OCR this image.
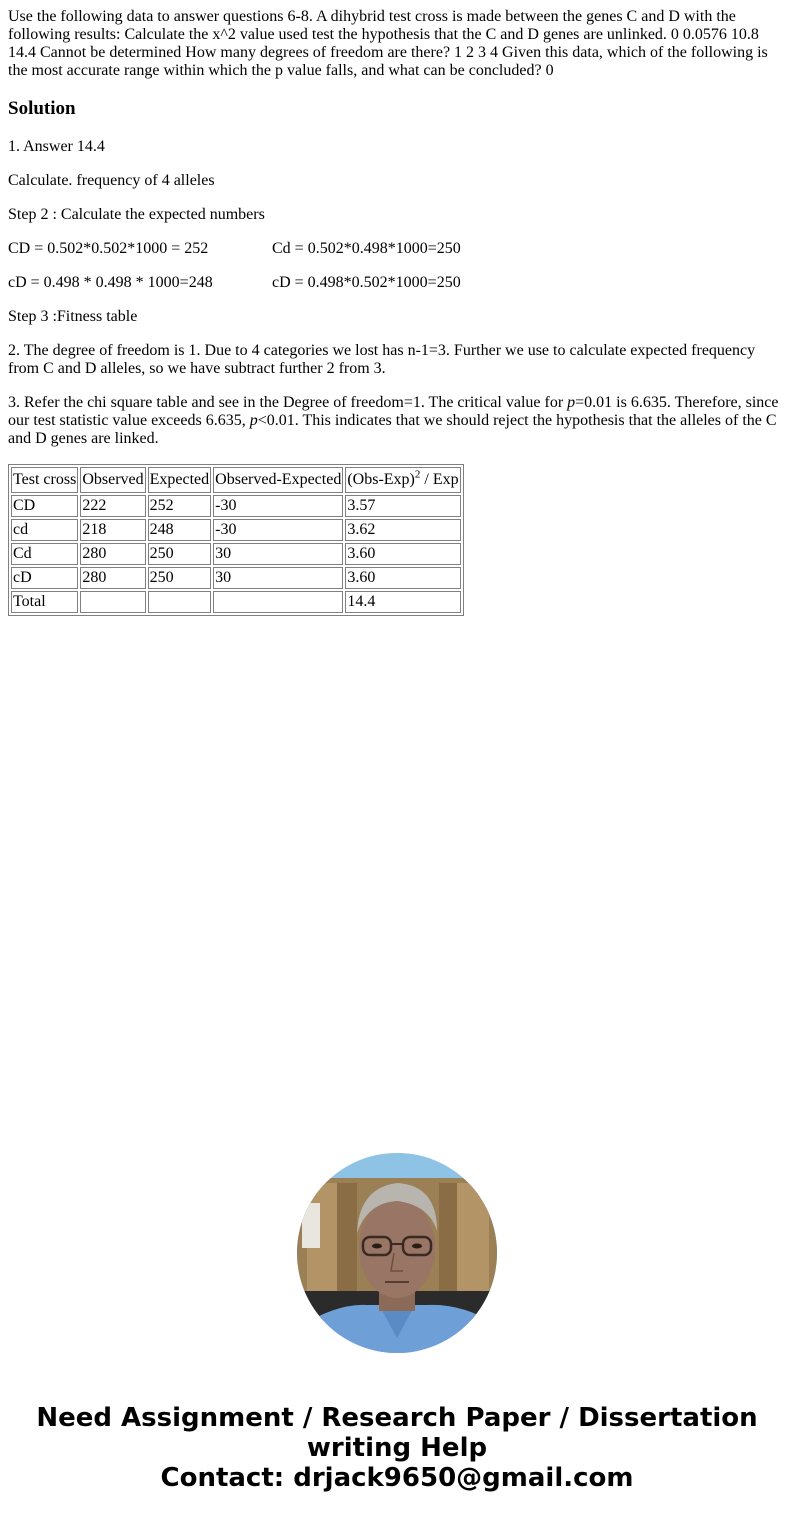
Use the following data to answer questions 6-8. A dihybrid test cross is made between the genes C and D with the following results: Calculate the x^2 value used test the hypothesis that the C and D genes are unlinked. 0 0.0576 10.8 14.4 Cannot be determined How many degrees of freedom are there? 1 2 3 4 Given this data, which of the following is the most accurate range within which the p value falls, and what can be concluded? 0

Solution

1. Answer 14.4

Calculate. frequency of 4 alleles

Step 2 : Calculate the expected numbers

CD = 0.502*0.502*1000 = 252	Cd = 0.502*0.498*1000=250

cD = 0.498 * 0.498 * 1000=248	cD = 0.498*0.502*1000=250

Step 3 :Fitness table

2. The degree of freedom is 1. Due to 4 categories we lost has n-1=3. Further we use to calculate expected frequency from C and D alleles, so we have subtract further 2 from 3.

3. Refer the chi square table and see in the Degree of freedom=1. The critical value for p=0.01 is 6.635. Therefore, since our test statistic value exceeds 6.635, p<0.01. This indicates that we should reject the hypothesis that the alleles of the C and D genes are linked.

Test cross	Observed	Expected	Observed-Expected	$(Obs-Exp)^2$ / Exp
CD	222	252	-30	3.57
cd	218	248	-30	3.62
Cd	280	250	30	3.60
cD	280	250	30	3.60
Total				14.4
Need Assignment / Research Paper / Dissertation
writing Help
Contact: drjack9650@gmail.com
